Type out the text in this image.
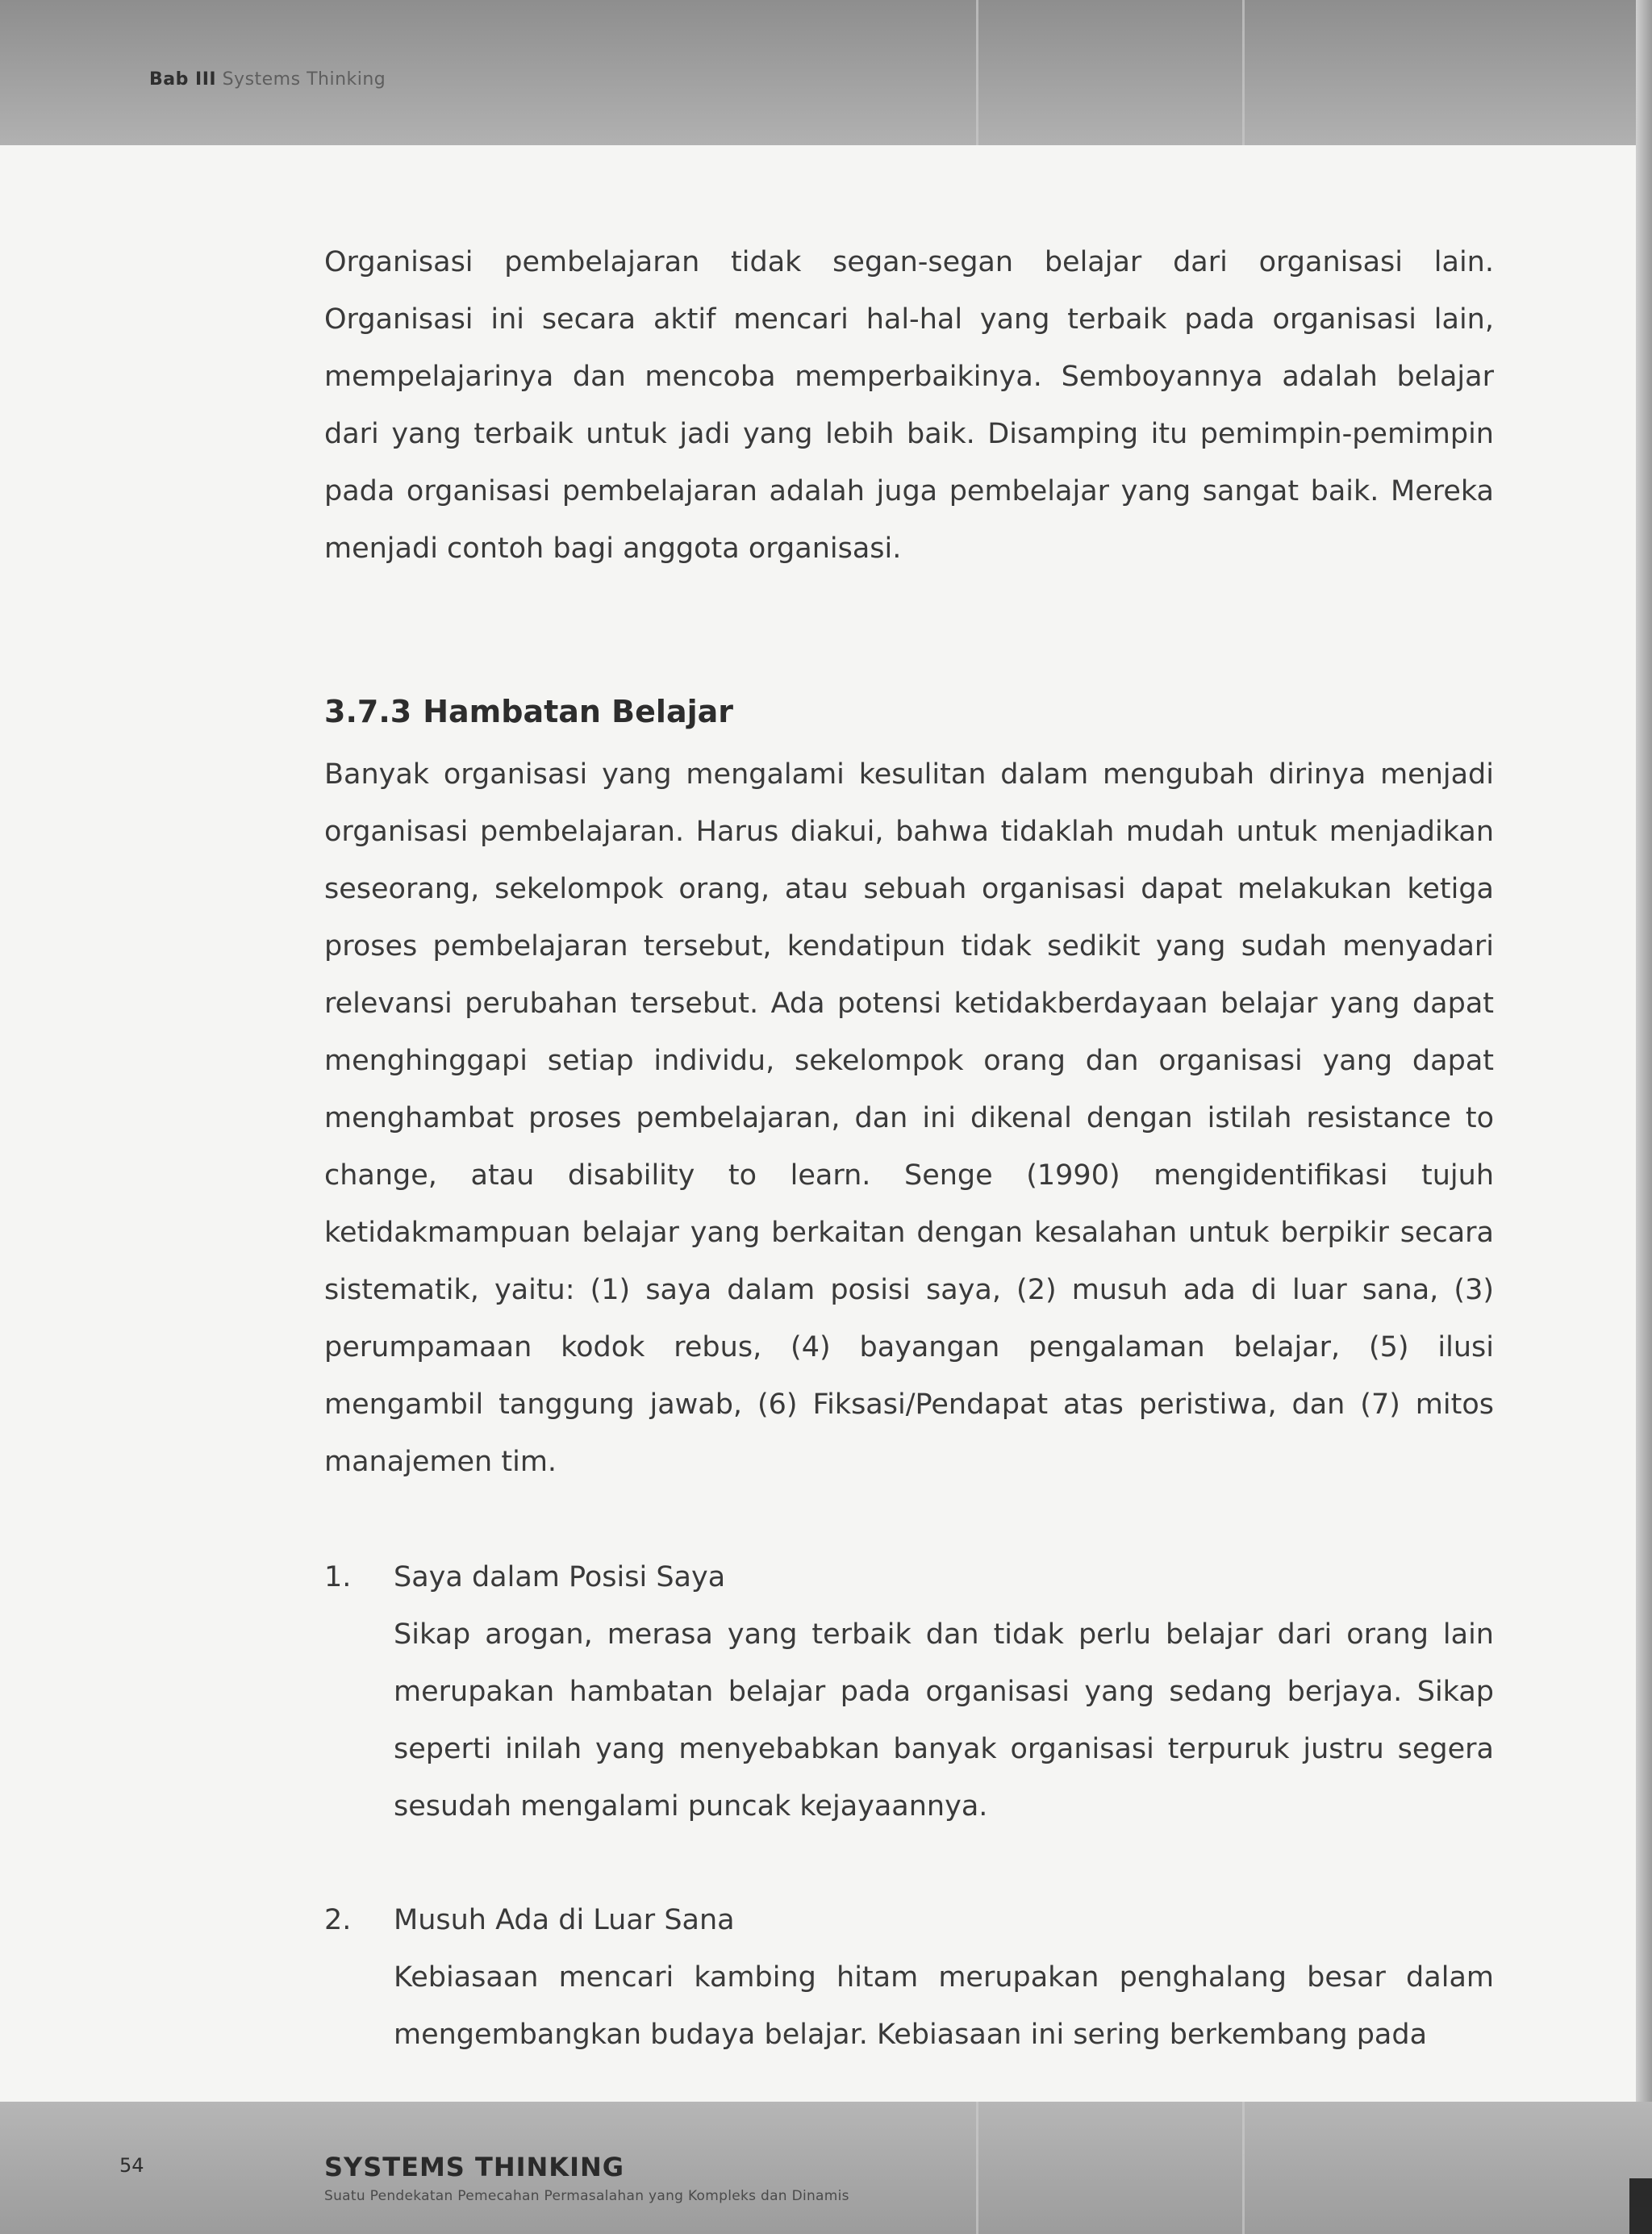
Bab III Systems Thinking

Organisasi pembelajaran tidak segan-segan belajar dari organisasi lain. Organisasi ini secara aktif mencari hal-hal yang terbaik pada organisasi lain, mempelajarinya dan mencoba memperbaikinya. Semboyannya adalah belajar dari yang terbaik untuk jadi yang lebih baik. Disamping itu pemimpin-pemimpin pada organisasi pembelajaran adalah juga pembelajar yang sangat baik. Mereka menjadi contoh bagi anggota organisasi.

3.7.3 Hambatan Belajar

Banyak organisasi yang mengalami kesulitan dalam mengubah dirinya menjadi organisasi pembelajaran. Harus diakui, bahwa tidaklah mudah untuk menjadikan seseorang, sekelompok orang, atau sebuah organisasi dapat melakukan ketiga proses pembelajaran tersebut, kendatipun tidak sedikit yang sudah menyadari relevansi perubahan tersebut. Ada potensi ketidakberdayaan belajar yang dapat menghinggapi setiap individu, sekelompok orang dan organisasi yang dapat menghambat proses pembelajaran, dan ini dikenal dengan istilah resistance to change, atau disability to learn. Senge (1990) mengidentifikasi tujuh ketidakmampuan belajar yang berkaitan dengan kesalahan untuk berpikir secara sistematik, yaitu: (1) saya dalam posisi saya, (2) musuh ada di luar sana, (3) perumpamaan kodok rebus, (4) bayangan pengalaman belajar, (5) ilusi mengambil tanggung jawab, (6) Fiksasi/Pendapat atas peristiwa, dan (7) mitos manajemen tim.

1. Saya dalam Posisi Saya

Sikap arogan, merasa yang terbaik dan tidak perlu belajar dari orang lain merupakan hambatan belajar pada organisasi yang sedang berjaya. Sikap seperti inilah yang menyebabkan banyak organisasi terpuruk justru segera sesudah mengalami puncak kejayaannya.

2. Musuh Ada di Luar Sana

Kebiasaan mencari kambing hitam merupakan penghalang besar dalam mengembangkan budaya belajar. Kebiasaan ini sering berkembang pada

54	SYSTEMS THINKING
Suatu Pendekatan Pemecahan Permasalahan yang Kompleks dan Dinamis
